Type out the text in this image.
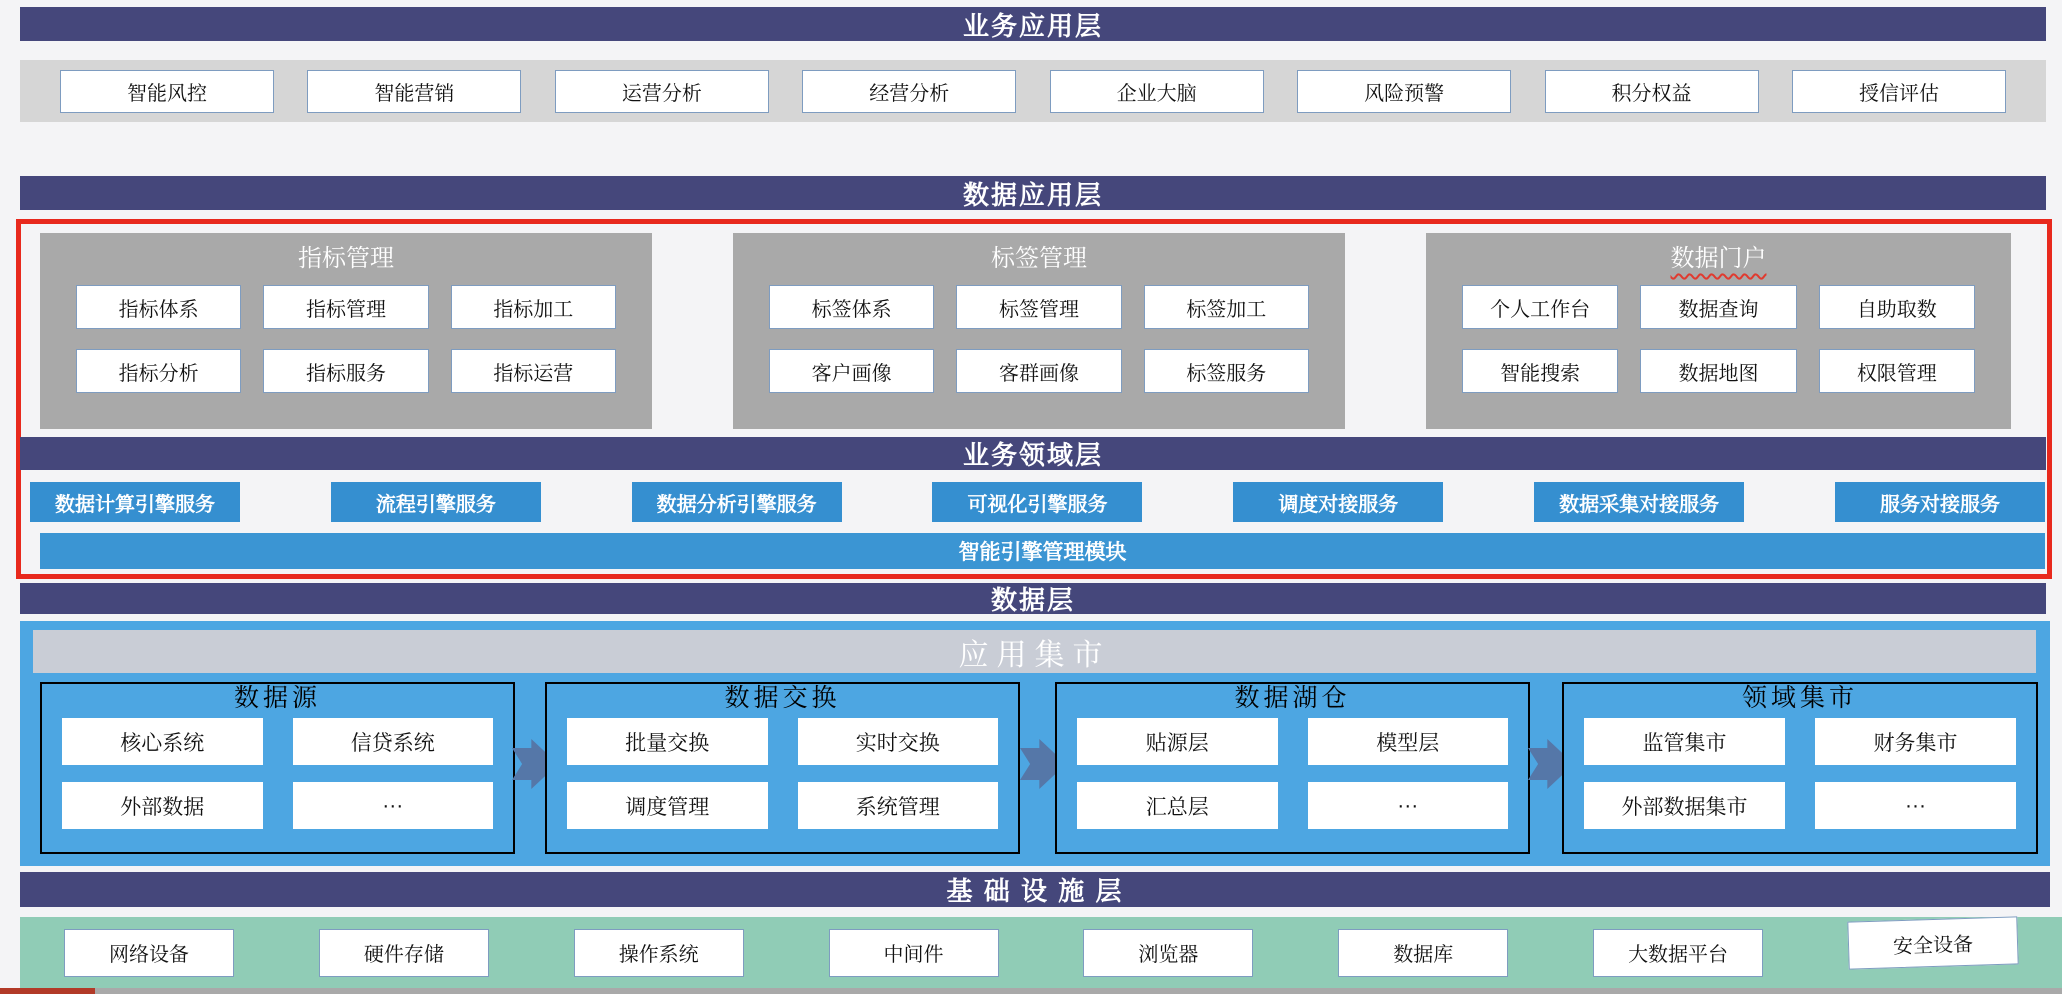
业务应用层
智能风控	智能营销	运营分析	经营分析	企业大脑	风险预警	积分权益	授信评估
数据应用层
指标管理
指标体系	指标管理	指标加工
指标分析	指标服务	指标运营
标签管理
标签体系	标签管理	标签加工
客户画像	客群画像	标签服务
数据门户
个人工作台	数据查询	自助取数
智能搜索	数据地图	权限管理
业务领域层
数据计算引擎服务	流程引擎服务	数据分析引擎服务	可视化引擎服务	调度对接服务	数据采集对接服务	服务对接服务
智能引擎管理模块
数据层
应用集市
数据源
核心系统	信贷系统
外部数据	···
数据交换
批量交换	实时交换
调度管理	系统管理
数据湖仓
贴源层	模型层
汇总层	···
领域集市
监管集市	财务集市
外部数据集市	···
基 础 设 施 层
网络设备	硬件存储	操作系统	中间件	浏览器	数据库	大数据平台	安全设备
